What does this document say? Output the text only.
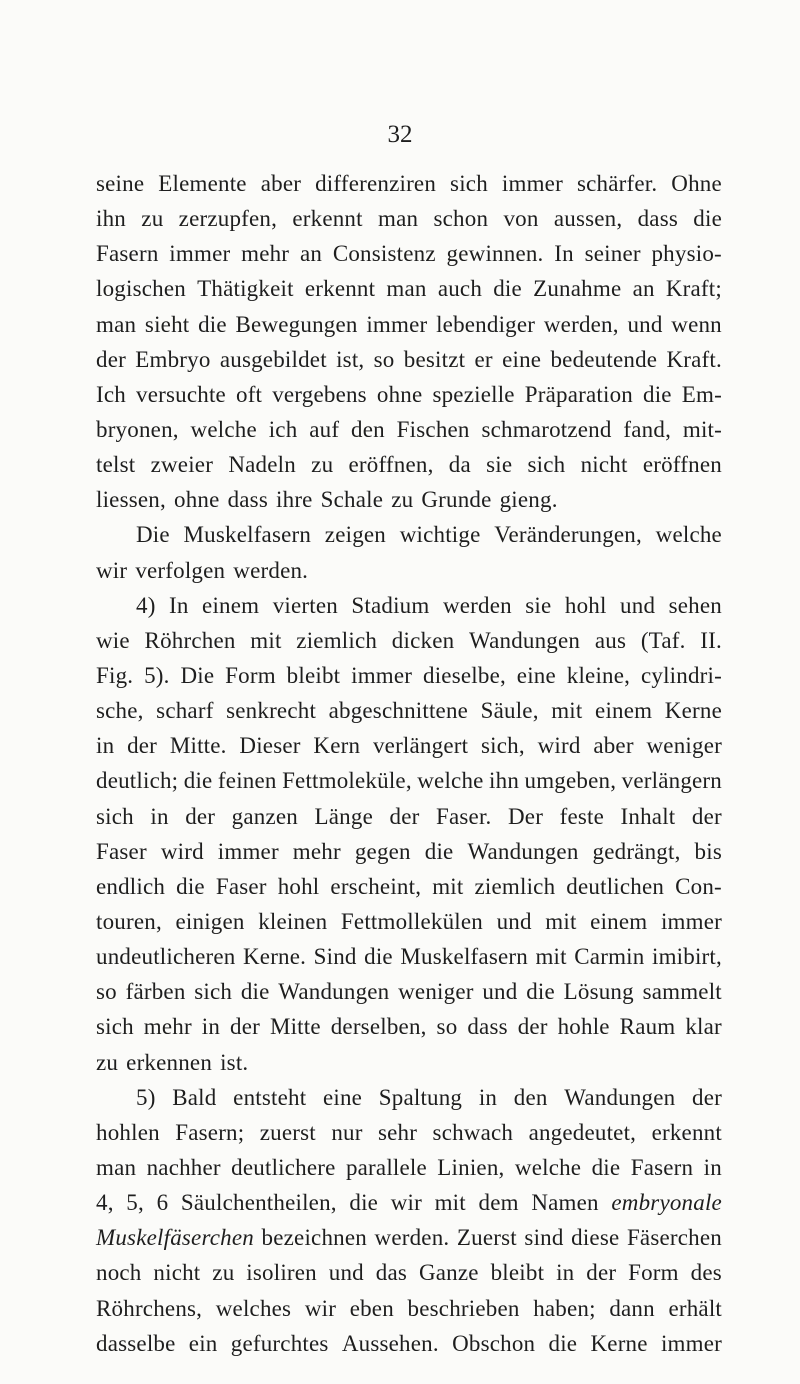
32
seine Elemente aber differenziren sich immer schärfer. Ohne
ihn zu zerzupfen, erkennt man schon von aussen, dass die
Fasern immer mehr an Consistenz gewinnen. In seiner physio-
logischen Thätigkeit erkennt man auch die Zunahme an Kraft;
man sieht die Bewegungen immer lebendiger werden, und wenn
der Embryo ausgebildet ist, so besitzt er eine bedeutende Kraft.
Ich versuchte oft vergebens ohne spezielle Präparation die Em-
bryonen, welche ich auf den Fischen schmarotzend fand, mit-
telst zweier Nadeln zu eröffnen, da sie sich nicht eröffnen
liessen, ohne dass ihre Schale zu Grunde gieng.
Die Muskelfasern zeigen wichtige Veränderungen, welche
wir verfolgen werden.
4) In einem vierten Stadium werden sie hohl und sehen
wie Röhrchen mit ziemlich dicken Wandungen aus (Taf. II.
Fig. 5). Die Form bleibt immer dieselbe, eine kleine, cylindri-
sche, scharf senkrecht abgeschnittene Säule, mit einem Kerne
in der Mitte. Dieser Kern verlängert sich, wird aber weniger
deutlich; die feinen Fettmoleküle, welche ihn umgeben, verlängern
sich in der ganzen Länge der Faser. Der feste Inhalt der
Faser wird immer mehr gegen die Wandungen gedrängt, bis
endlich die Faser hohl erscheint, mit ziemlich deutlichen Con-
touren, einigen kleinen Fettmollekülen und mit einem immer
undeutlicheren Kerne. Sind die Muskelfasern mit Carmin imibirt,
so färben sich die Wandungen weniger und die Lösung sammelt
sich mehr in der Mitte derselben, so dass der hohle Raum klar
zu erkennen ist.
5) Bald entsteht eine Spaltung in den Wandungen der
hohlen Fasern; zuerst nur sehr schwach angedeutet, erkennt
man nachher deutlichere parallele Linien, welche die Fasern in
4, 5, 6 Säulchentheilen, die wir mit dem Namen embryonale
Muskelfäserchen bezeichnen werden. Zuerst sind diese Fäserchen
noch nicht zu isoliren und das Ganze bleibt in der Form des
Röhrchens, welches wir eben beschrieben haben; dann erhält
dasselbe ein gefurchtes Aussehen. Obschon die Kerne immer
